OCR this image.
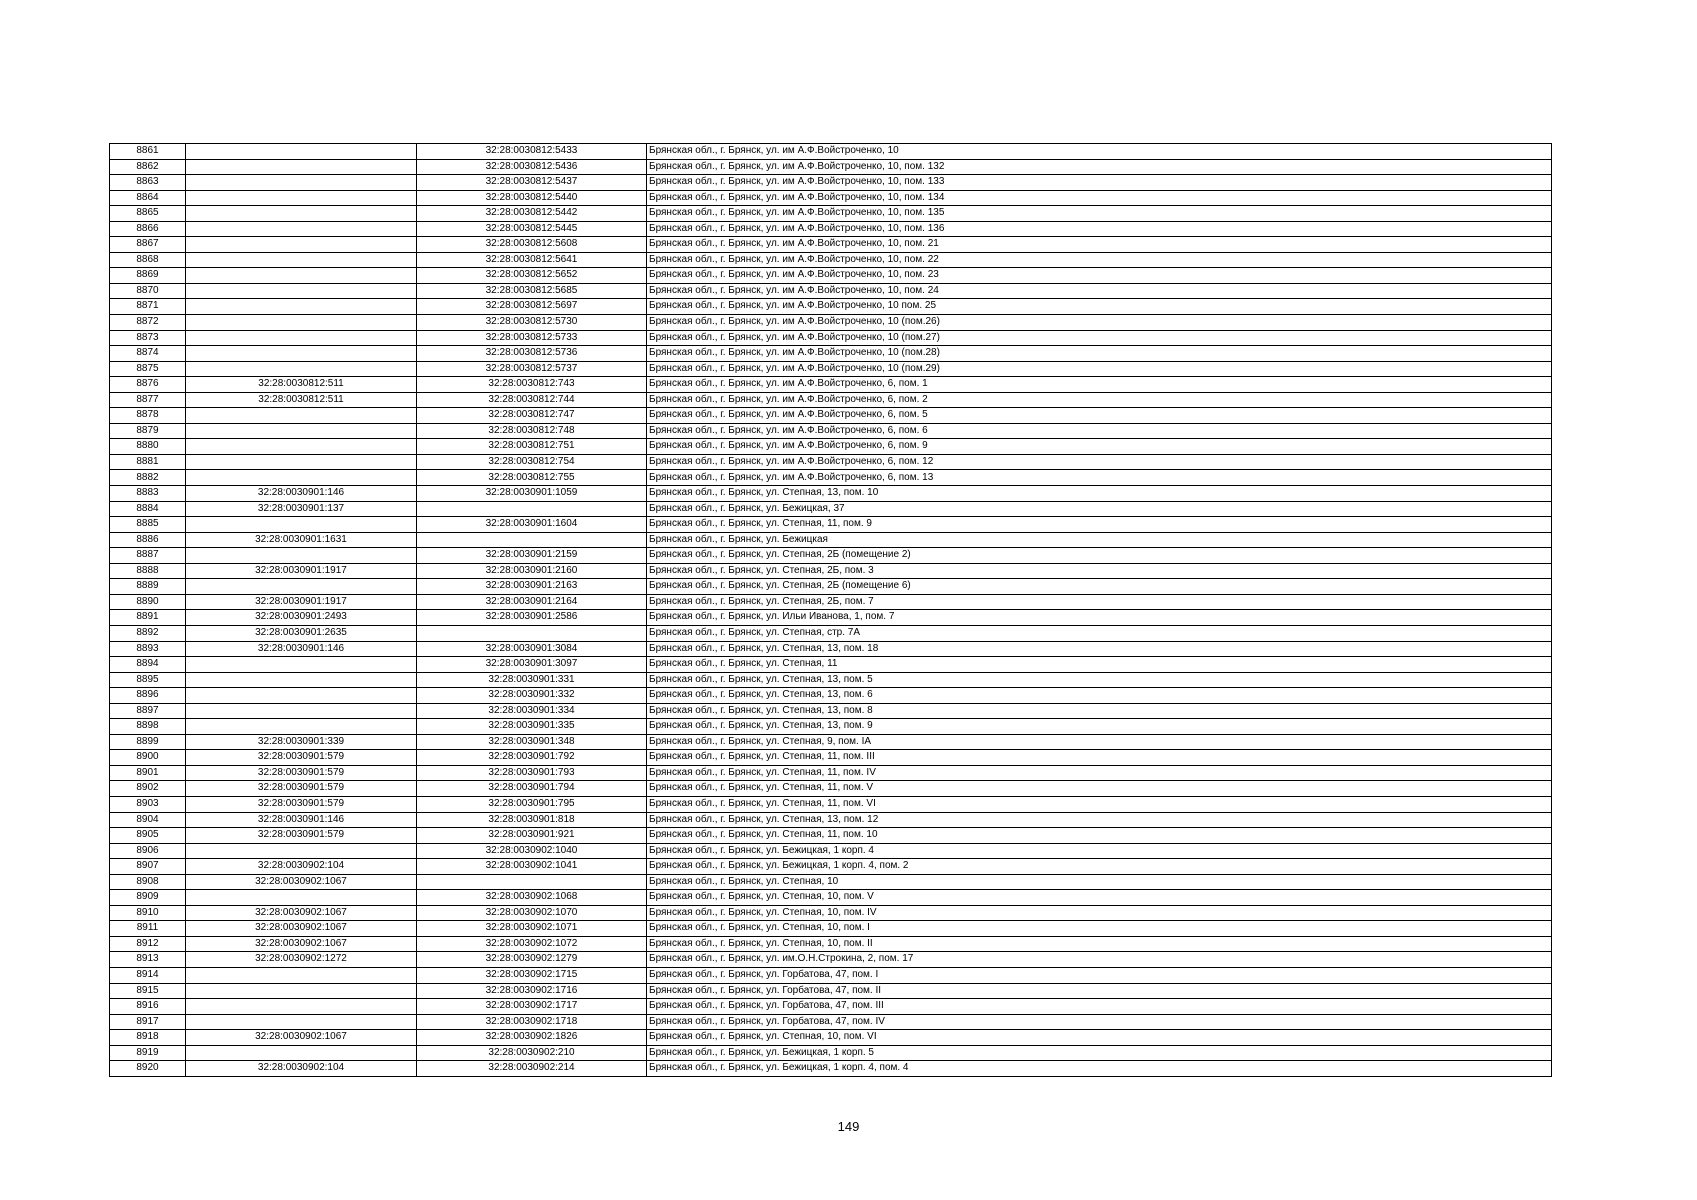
8861		32:28:0030812:5433	Брянская обл., г. Брянск, ул. им А.Ф.Войстроченко, 10
8862		32:28:0030812:5436	Брянская обл., г. Брянск, ул. им А.Ф.Войстроченко, 10, пом. 132
8863		32:28:0030812:5437	Брянская обл., г. Брянск, ул. им А.Ф.Войстроченко, 10, пом. 133
8864		32:28:0030812:5440	Брянская обл., г. Брянск, ул. им А.Ф.Войстроченко, 10, пом. 134
8865		32:28:0030812:5442	Брянская обл., г. Брянск, ул. им А.Ф.Войстроченко, 10, пом. 135
8866		32:28:0030812:5445	Брянская обл., г. Брянск, ул. им А.Ф.Войстроченко, 10, пом. 136
8867		32:28:0030812:5608	Брянская обл., г. Брянск, ул. им А.Ф.Войстроченко, 10, пом. 21
8868		32:28:0030812:5641	Брянская обл., г. Брянск, ул. им А.Ф.Войстроченко, 10, пом. 22
8869		32:28:0030812:5652	Брянская обл., г. Брянск, ул. им А.Ф.Войстроченко, 10, пом. 23
8870		32:28:0030812:5685	Брянская обл., г. Брянск, ул. им А.Ф.Войстроченко, 10, пом. 24
8871		32:28:0030812:5697	Брянская обл., г. Брянск, ул. им А.Ф.Войстроченко, 10 пом. 25
8872		32:28:0030812:5730	Брянская обл., г. Брянск, ул. им А.Ф.Войстроченко, 10 (пом.26)
8873		32:28:0030812:5733	Брянская обл., г. Брянск, ул. им А.Ф.Войстроченко, 10 (пом.27)
8874		32:28:0030812:5736	Брянская обл., г. Брянск, ул. им А.Ф.Войстроченко, 10 (пом.28)
8875		32:28:0030812:5737	Брянская обл., г. Брянск, ул. им А.Ф.Войстроченко, 10 (пом.29)
8876	32:28:0030812:511	32:28:0030812:743	Брянская обл., г. Брянск, ул. им А.Ф.Войстроченко, 6, пом. 1
8877	32:28:0030812:511	32:28:0030812:744	Брянская обл., г. Брянск, ул. им А.Ф.Войстроченко, 6, пом. 2
8878		32:28:0030812:747	Брянская обл., г. Брянск, ул. им А.Ф.Войстроченко, 6, пом. 5
8879		32:28:0030812:748	Брянская обл., г. Брянск, ул. им А.Ф.Войстроченко, 6, пом. 6
8880		32:28:0030812:751	Брянская обл., г. Брянск, ул. им А.Ф.Войстроченко, 6, пом. 9
8881		32:28:0030812:754	Брянская обл., г. Брянск, ул. им А.Ф.Войстроченко, 6, пом. 12
8882		32:28:0030812:755	Брянская обл., г. Брянск, ул. им А.Ф.Войстроченко, 6, пом. 13
8883	32:28:0030901:146	32:28:0030901:1059	Брянская обл., г. Брянск, ул. Степная, 13, пом. 10
8884	32:28:0030901:137		Брянская обл., г. Брянск, ул. Бежицкая, 37
8885		32:28:0030901:1604	Брянская обл., г. Брянск, ул. Степная, 11, пом. 9
8886	32:28:0030901:1631		Брянская обл., г. Брянск, ул. Бежицкая
8887		32:28:0030901:2159	Брянская обл., г. Брянск, ул. Степная, 2Б (помещение 2)
8888	32:28:0030901:1917	32:28:0030901:2160	Брянская обл., г. Брянск, ул. Степная, 2Б, пом. 3
8889		32:28:0030901:2163	Брянская обл., г. Брянск, ул. Степная, 2Б (помещение 6)
8890	32:28:0030901:1917	32:28:0030901:2164	Брянская обл., г. Брянск, ул. Степная, 2Б, пом. 7
8891	32:28:0030901:2493	32:28:0030901:2586	Брянская обл., г. Брянск, ул. Ильи Иванова, 1, пом. 7
8892	32:28:0030901:2635		Брянская обл., г. Брянск, ул. Степная, стр. 7А
8893	32:28:0030901:146	32:28:0030901:3084	Брянская обл., г. Брянск, ул. Степная, 13, пом. 18
8894		32:28:0030901:3097	Брянская обл., г. Брянск, ул. Степная, 11
8895		32:28:0030901:331	Брянская обл., г. Брянск, ул. Степная, 13, пом. 5
8896		32:28:0030901:332	Брянская обл., г. Брянск, ул. Степная, 13, пом. 6
8897		32:28:0030901:334	Брянская обл., г. Брянск, ул. Степная, 13, пом. 8
8898		32:28:0030901:335	Брянская обл., г. Брянск, ул. Степная, 13, пом. 9
8899	32:28:0030901:339	32:28:0030901:348	Брянская обл., г. Брянск, ул. Степная, 9, пом. IА
8900	32:28:0030901:579	32:28:0030901:792	Брянская обл., г. Брянск, ул. Степная, 11, пом. III
8901	32:28:0030901:579	32:28:0030901:793	Брянская обл., г. Брянск, ул. Степная, 11, пом. IV
8902	32:28:0030901:579	32:28:0030901:794	Брянская обл., г. Брянск, ул. Степная, 11, пом. V
8903	32:28:0030901:579	32:28:0030901:795	Брянская обл., г. Брянск, ул. Степная, 11, пом. VI
8904	32:28:0030901:146	32:28:0030901:818	Брянская обл., г. Брянск, ул. Степная, 13, пом. 12
8905	32:28:0030901:579	32:28:0030901:921	Брянская обл., г. Брянск, ул. Степная, 11, пом. 10
8906		32:28:0030902:1040	Брянская обл., г. Брянск, ул. Бежицкая, 1 корп. 4
8907	32:28:0030902:104	32:28:0030902:1041	Брянская обл., г. Брянск, ул. Бежицкая, 1 корп. 4, пом. 2
8908	32:28:0030902:1067		Брянская обл., г. Брянск, ул. Степная, 10
8909		32:28:0030902:1068	Брянская обл., г. Брянск, ул. Степная, 10, пом. V
8910	32:28:0030902:1067	32:28:0030902:1070	Брянская обл., г. Брянск, ул. Степная, 10, пом. IV
8911	32:28:0030902:1067	32:28:0030902:1071	Брянская обл., г. Брянск, ул. Степная, 10, пом. I
8912	32:28:0030902:1067	32:28:0030902:1072	Брянская обл., г. Брянск, ул. Степная, 10, пом. II
8913	32:28:0030902:1272	32:28:0030902:1279	Брянская обл., г. Брянск, ул. им.О.Н.Строкина, 2, пом. 17
8914		32:28:0030902:1715	Брянская обл., г. Брянск, ул. Горбатова, 47, пом. I
8915		32:28:0030902:1716	Брянская обл., г. Брянск, ул. Горбатова, 47, пом. II
8916		32:28:0030902:1717	Брянская обл., г. Брянск, ул. Горбатова, 47, пом. III
8917		32:28:0030902:1718	Брянская обл., г. Брянск, ул. Горбатова, 47, пом. IV
8918	32:28:0030902:1067	32:28:0030902:1826	Брянская обл., г. Брянск, ул. Степная, 10, пом. VI
8919		32:28:0030902:210	Брянская обл., г. Брянск, ул. Бежицкая, 1 корп. 5
8920	32:28:0030902:104	32:28:0030902:214	Брянская обл., г. Брянск, ул. Бежицкая, 1 корп. 4, пом. 4
149
